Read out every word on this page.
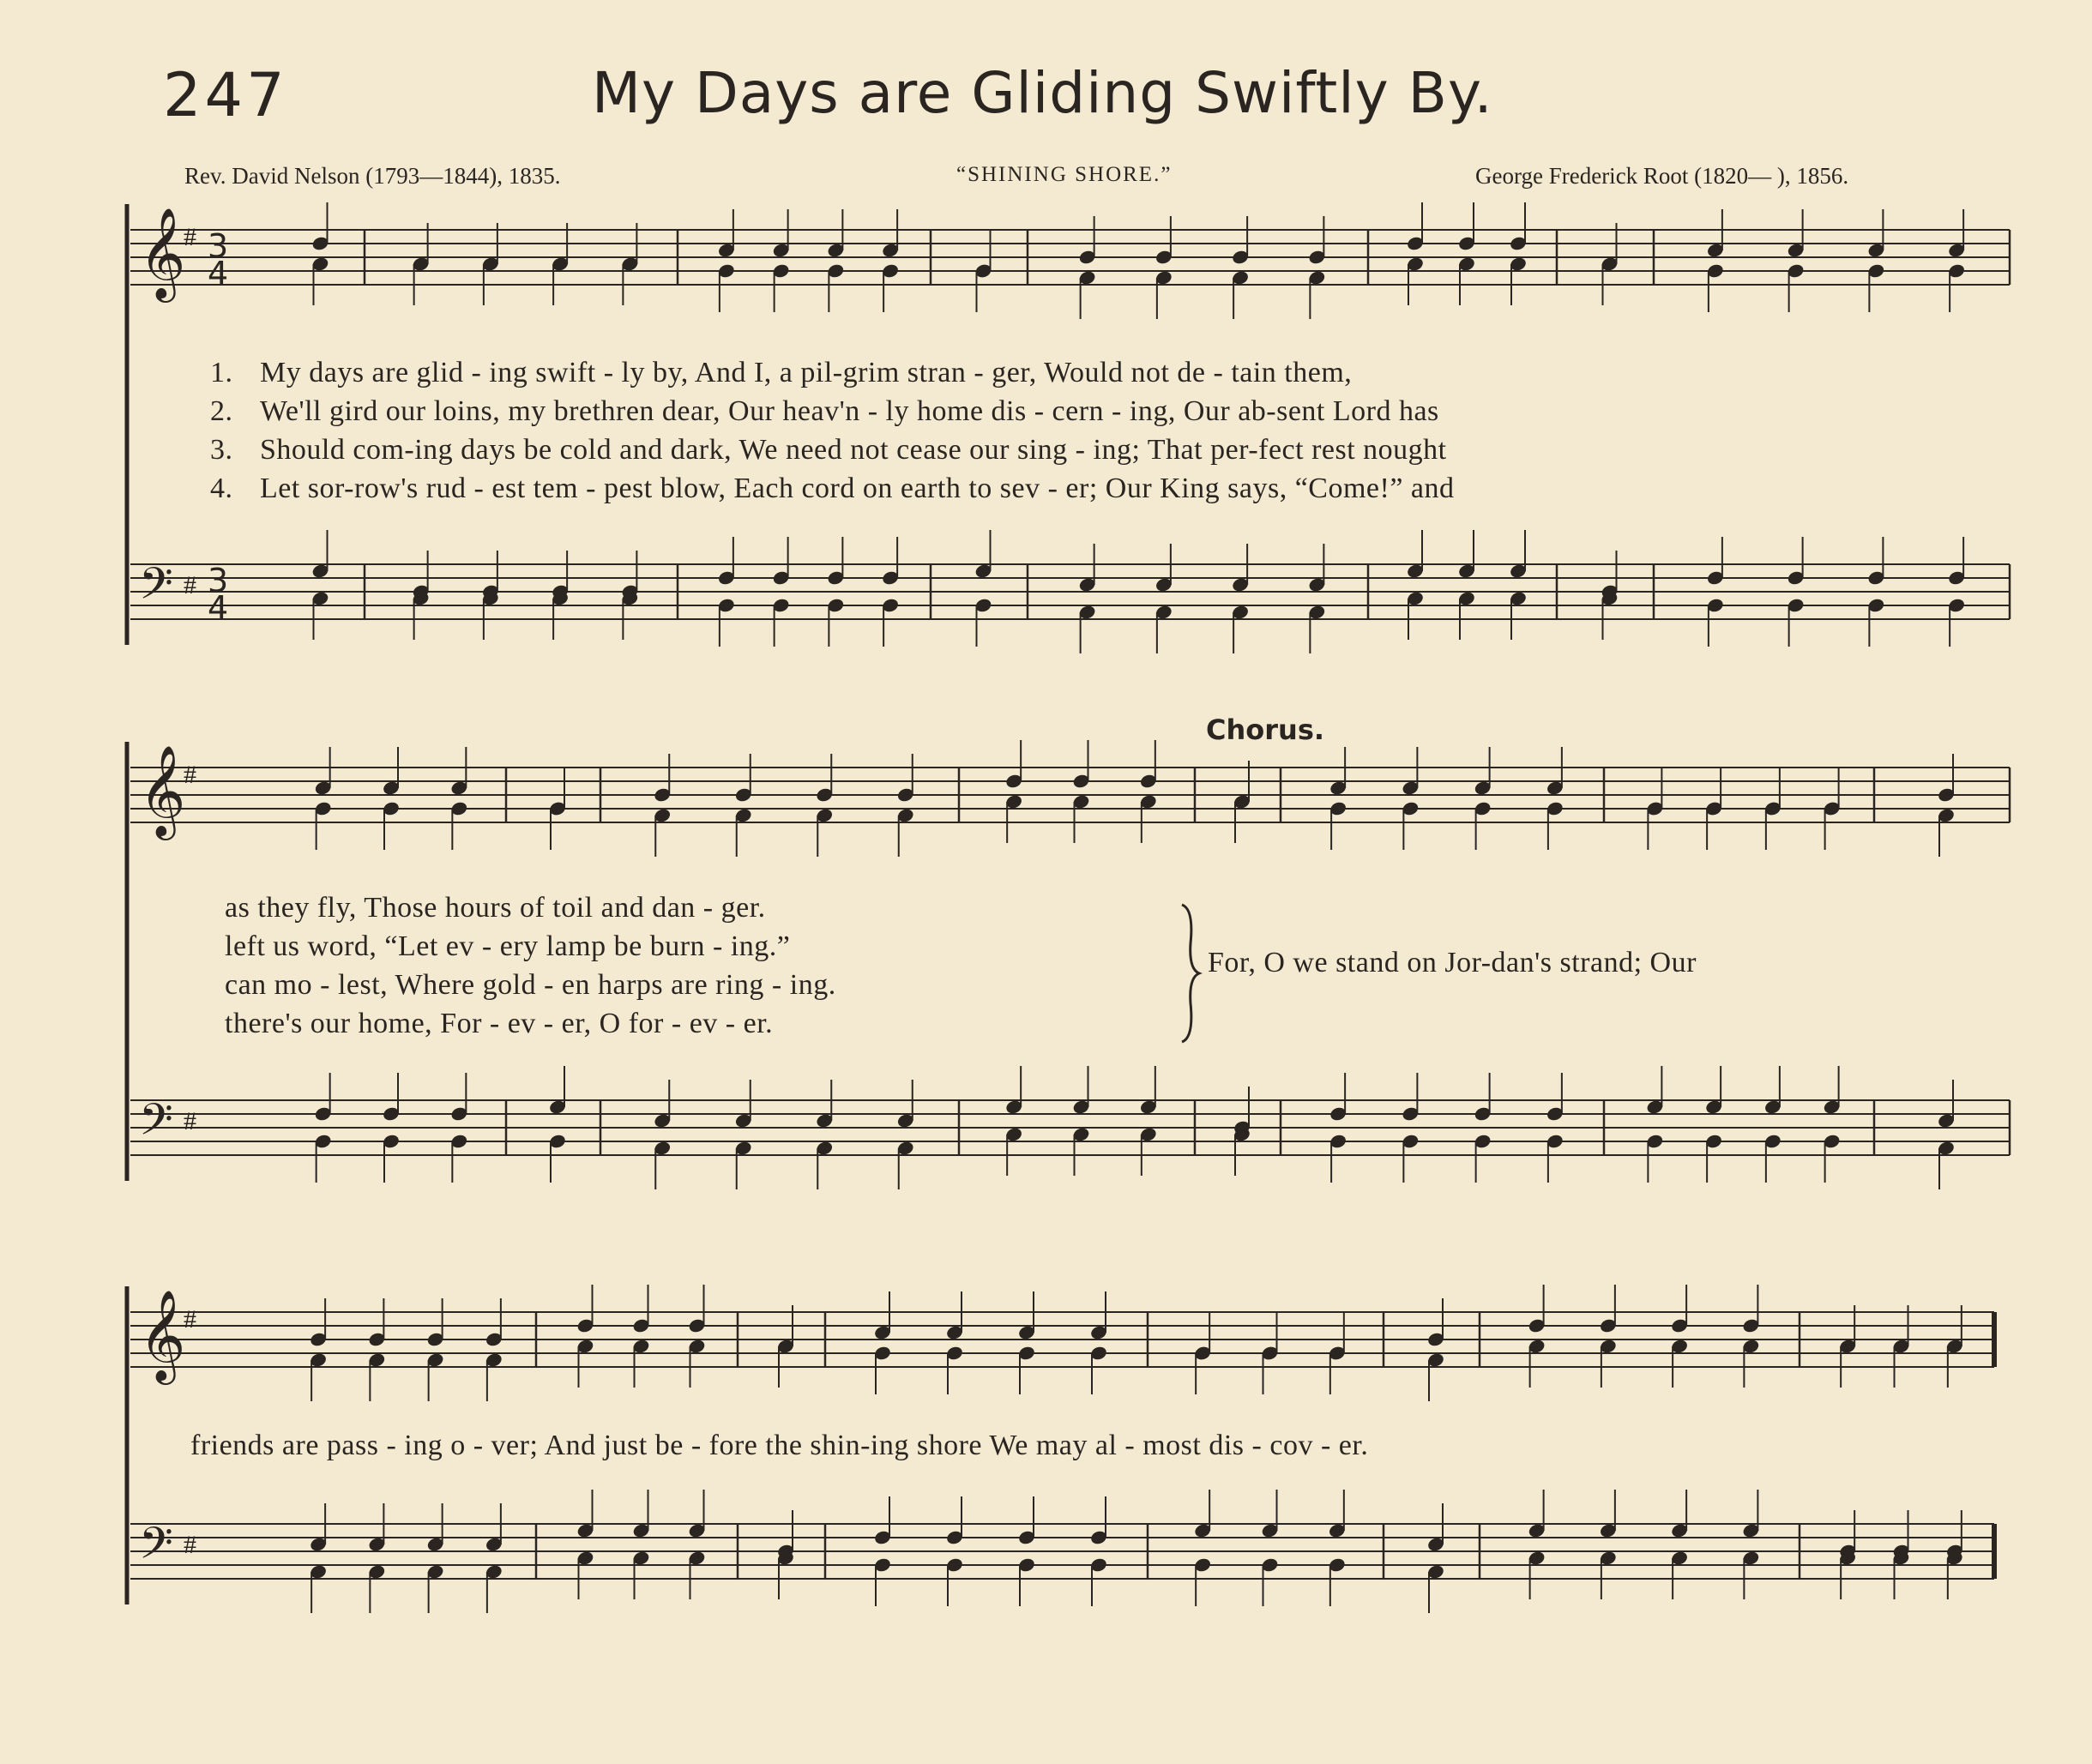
247	My Days are Gliding Swiftly By.
Rev. David Nelson (1793—1844), 1835.	“SHINING SHORE.”	George Frederick Root (1820— ), 1856.
Chorus.
𝄞
𝄢
#
#
3
4
3
4
𝄞
𝄢
#
#
𝄞
𝄢
#
#
1. My days are glid - ing swift - ly by, And I, a pil-grim stran - ger, Would not de - tain them,
2. We'll gird our loins, my brethren dear, Our heav'n - ly home dis - cern - ing, Our ab-sent Lord has
3. Should com-ing days be cold and dark, We need not cease our sing - ing; That per-fect rest nought
4. Let sor-row's rud - est tem - pest blow, Each cord on earth to sev - er; Our King says, “Come!” and
as they fly, Those hours of toil and dan - ger.
left us word, “Let ev - ery lamp be burn - ing.”
can mo - lest, Where gold - en harps are ring - ing.
there's our home, For - ev - er, O for - ev - er.
For, O we stand on Jor-dan's strand; Our
friends are pass - ing o - ver; And just be - fore the shin-ing shore We may al - most dis - cov - er.
